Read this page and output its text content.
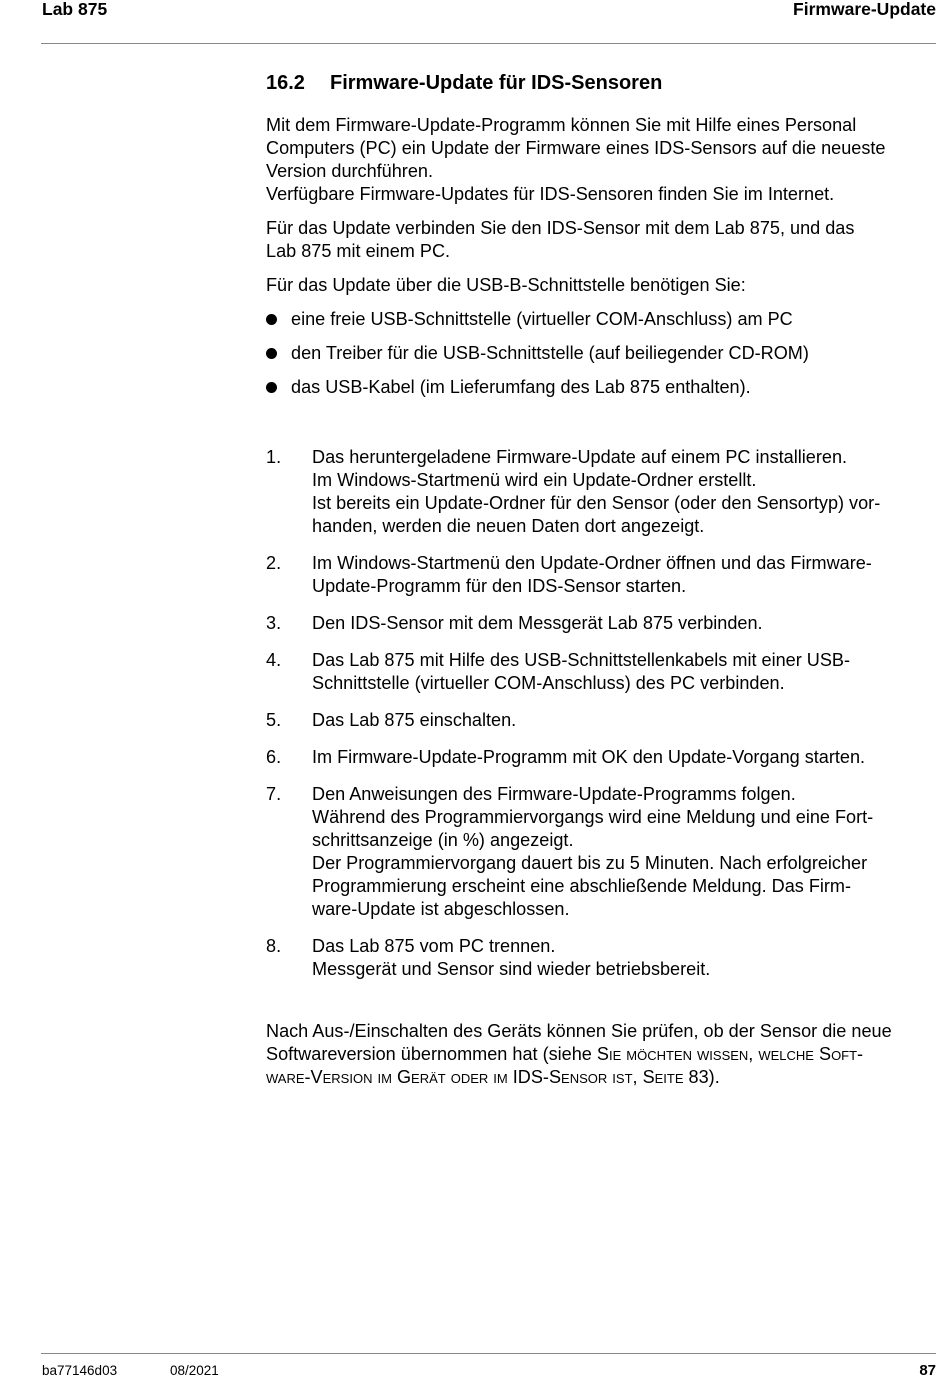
Lab 875	Firmware-Update
16.2 Firmware-Update für IDS-Sensoren

Mit dem Firmware-Update-Programm können Sie mit Hilfe eines Personal
Computers (PC) ein Update der Firmware eines IDS-Sensors auf die neueste
Version durchführen.
Verfügbare Firmware-Updates für IDS-Sensoren finden Sie im Internet.

Für das Update verbinden Sie den IDS-Sensor mit dem Lab 875, und das
Lab 875 mit einem PC.

Für das Update über die USB-B-Schnittstelle benötigen Sie:

eine freie USB-Schnittstelle (virtueller COM-Anschluss) am PC
den Treiber für die USB-Schnittstelle (auf beiliegender CD-ROM)
das USB-Kabel (im Lieferumfang des Lab 875 enthalten).
1. Das heruntergeladene Firmware-Update auf einem PC installieren.
Im Windows-Startmenü wird ein Update-Ordner erstellt.
Ist bereits ein Update-Ordner für den Sensor (oder den Sensortyp) vor-
handen, werden die neuen Daten dort angezeigt.
2. Im Windows-Startmenü den Update-Ordner öffnen und das Firmware-
Update-Programm für den IDS-Sensor starten.
3. Den IDS-Sensor mit dem Messgerät Lab 875 verbinden.
4. Das Lab 875 mit Hilfe des USB-Schnittstellenkabels mit einer USB-
Schnittstelle (virtueller COM-Anschluss) des PC verbinden.
5. Das Lab 875 einschalten.
6. Im Firmware-Update-Programm mit OK den Update-Vorgang starten.
7. Den Anweisungen des Firmware-Update-Programms folgen.
Während des Programmiervorgangs wird eine Meldung und eine Fort-
schrittsanzeige (in %) angezeigt.
Der Programmiervorgang dauert bis zu 5 Minuten. Nach erfolgreicher
Programmierung erscheint eine abschließende Meldung. Das Firm-
ware-Update ist abgeschlossen.
8. Das Lab 875 vom PC trennen.
Messgerät und Sensor sind wieder betriebsbereit.

Nach Aus-/Einschalten des Geräts können Sie prüfen, ob der Sensor die neue
Softwareversion übernommen hat (siehe Sie möchten wissen, welche Soft-
ware-Version im Gerät oder im IDS-Sensor ist, Seite 83).

ba77146d03	08/2021	87
